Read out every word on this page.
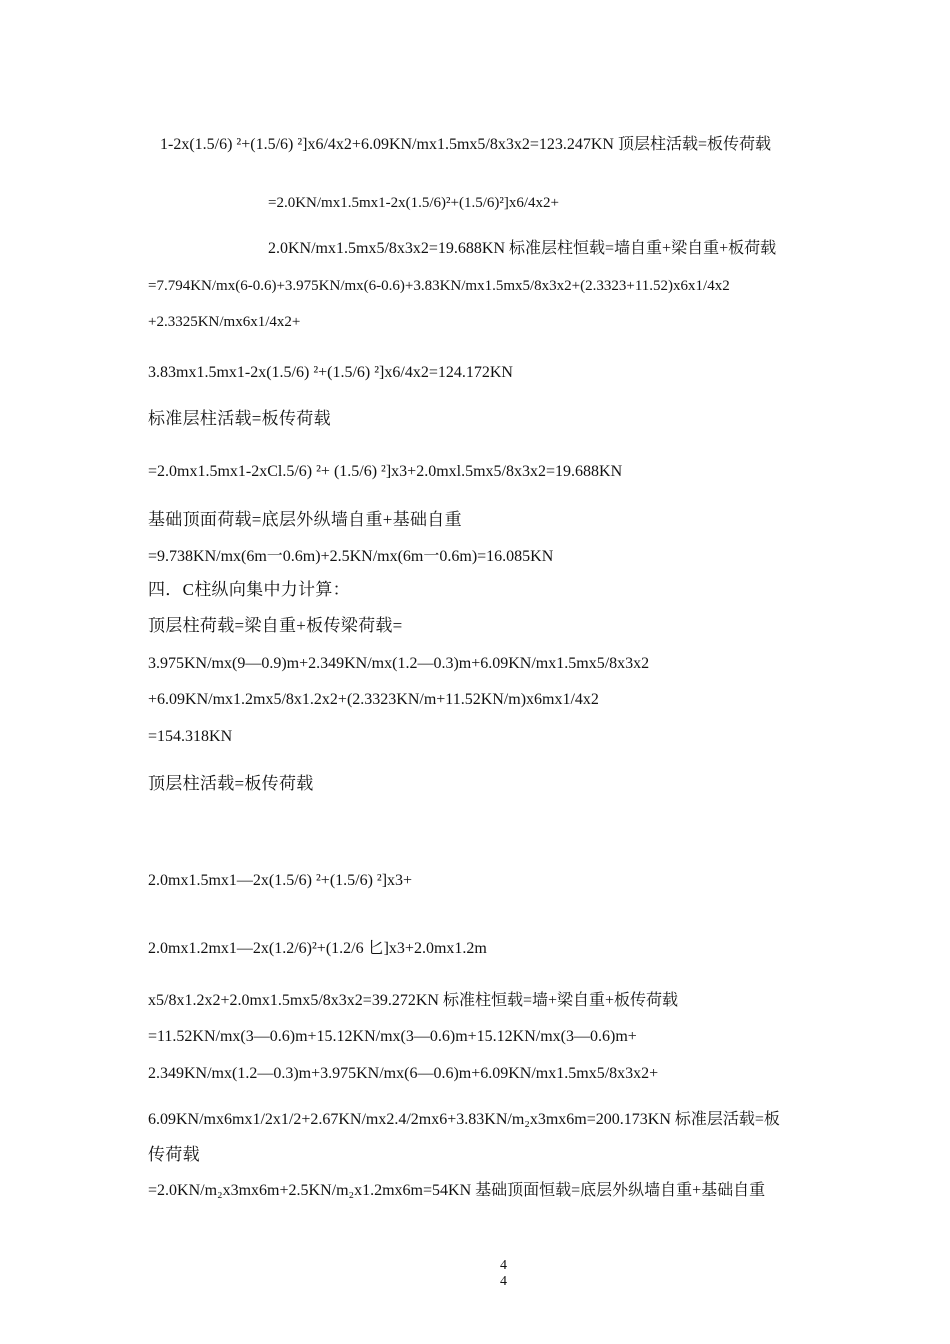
1-2x(1.5/6) ²+(1.5/6) ²]x6/4x2+6.09KN/mx1.5mx5/8x3x2=123.247KN 顶层柱活载=板传荷载
=2.0KN/mx1.5mx1-2x(1.5/6)²+(1.5/6)²]x6/4x2+
2.0KN/mx1.5mx5/8x3x2=19.688KN 标准层柱恒载=墙自重+梁自重+板荷载
=7.794KN/mx(6-0.6)+3.975KN/mx(6-0.6)+3.83KN/mx1.5mx5/8x3x2+(2.3323+11.52)x6x1/4x2
+2.3325KN/mx6x1/4x2+
3.83mx1.5mx1-2x(1.5/6) ²+(1.5/6) ²]x6/4x2=124.172KN
标准层柱活载=板传荷载
=2.0mx1.5mx1-2xCl.5/6) ²+ (1.5/6) ²]x3+2.0mxl.5mx5/8x3x2=19.688KN
基础顶面荷载=底层外纵墙自重+基础自重
=9.738KN/mx(6m一0.6m)+2.5KN/mx(6m一0.6m)=16.085KN
四．C柱纵向集中力计算：
顶层柱荷载=梁自重+板传梁荷载=
3.975KN/mx(9—0.9)m+2.349KN/mx(1.2—0.3)m+6.09KN/mx1.5mx5/8x3x2
+6.09KN/mx1.2mx5/8x1.2x2+(2.3323KN/m+11.52KN/m)x6mx1/4x2
=154.318KN
顶层柱活载=板传荷载
2.0mx1.5mx1—2x(1.5/6) ²+(1.5/6) ²]x3+
2.0mx1.2mx1—2x(1.2/6)²+(1.2/6 匕]x3+2.0mx1.2m
x5/8x1.2x2+2.0mx1.5mx5/8x3x2=39.272KN 标准柱恒载=墙+梁自重+板传荷载
=11.52KN/mx(3—0.6)m+15.12KN/mx(3—0.6)m+15.12KN/mx(3—0.6)m+
2.349KN/mx(1.2—0.3)m+3.975KN/mx(6—0.6)m+6.09KN/mx1.5mx5/8x3x2+
6.09KN/mx6mx1/2x1/2+2.67KN/mx2.4/2mx6+3.83KN/m₂x3mx6m=200.173KN 标准层活载=板
传荷载
=2.0KN/m₂x3mx6m+2.5KN/m₂x1.2mx6m=54KN 基础顶面恒载=底层外纵墙自重+基础自重
4
4
